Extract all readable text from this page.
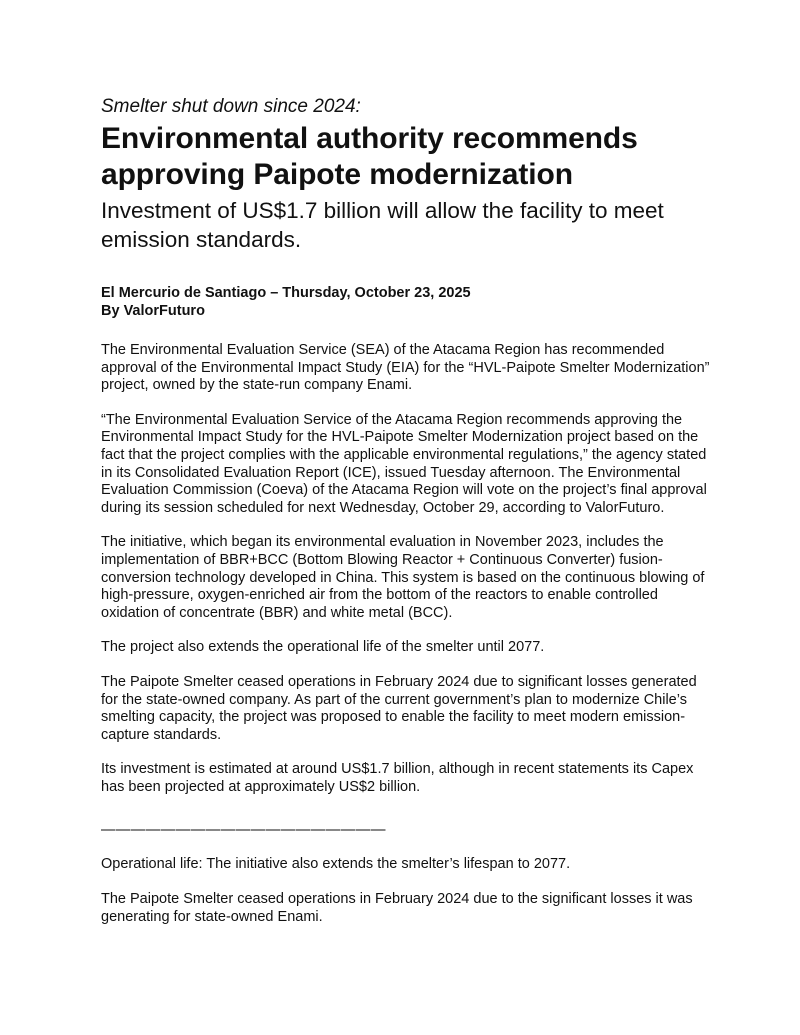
Smelter shut down since 2024:

Environmental authority recommends approving Paipote modernization

Investment of US$1.7 billion will allow the facility to meet emission standards.

El Mercurio de Santiago – Thursday, October 23, 2025
By ValorFuturo

The Environmental Evaluation Service (SEA) of the Atacama Region has recommended approval of the Environmental Impact Study (EIA) for the “HVL-Paipote Smelter Modernization” project, owned by the state-run company Enami.

“The Environmental Evaluation Service of the Atacama Region recommends approving the Environmental Impact Study for the HVL-Paipote Smelter Modernization project based on the fact that the project complies with the applicable environmental regulations,” the agency stated in its Consolidated Evaluation Report (ICE), issued Tuesday afternoon. The Environmental Evaluation Commission (Coeva) of the Atacama Region will vote on the project’s final approval during its session scheduled for next Wednesday, October 29, according to ValorFuturo.

The initiative, which began its environmental evaluation in November 2023, includes the implementation of BBR+BCC (Bottom Blowing Reactor + Continuous Converter) fusion-conversion technology developed in China. This system is based on the continuous blowing of high-pressure, oxygen-enriched air from the bottom of the reactors to enable controlled oxidation of concentrate (BBR) and white metal (BCC).

The project also extends the operational life of the smelter until 2077.

The Paipote Smelter ceased operations in February 2024 due to significant losses generated for the state-owned company. As part of the current government’s plan to modernize Chile’s smelting capacity, the project was proposed to enable the facility to meet modern emission-capture standards.

Its investment is estimated at around US$1.7 billion, although in recent statements its Capex has been projected at approximately US$2 billion.

———————————————————

Operational life: The initiative also extends the smelter’s lifespan to 2077.

The Paipote Smelter ceased operations in February 2024 due to the significant losses it was generating for state-owned Enami.
